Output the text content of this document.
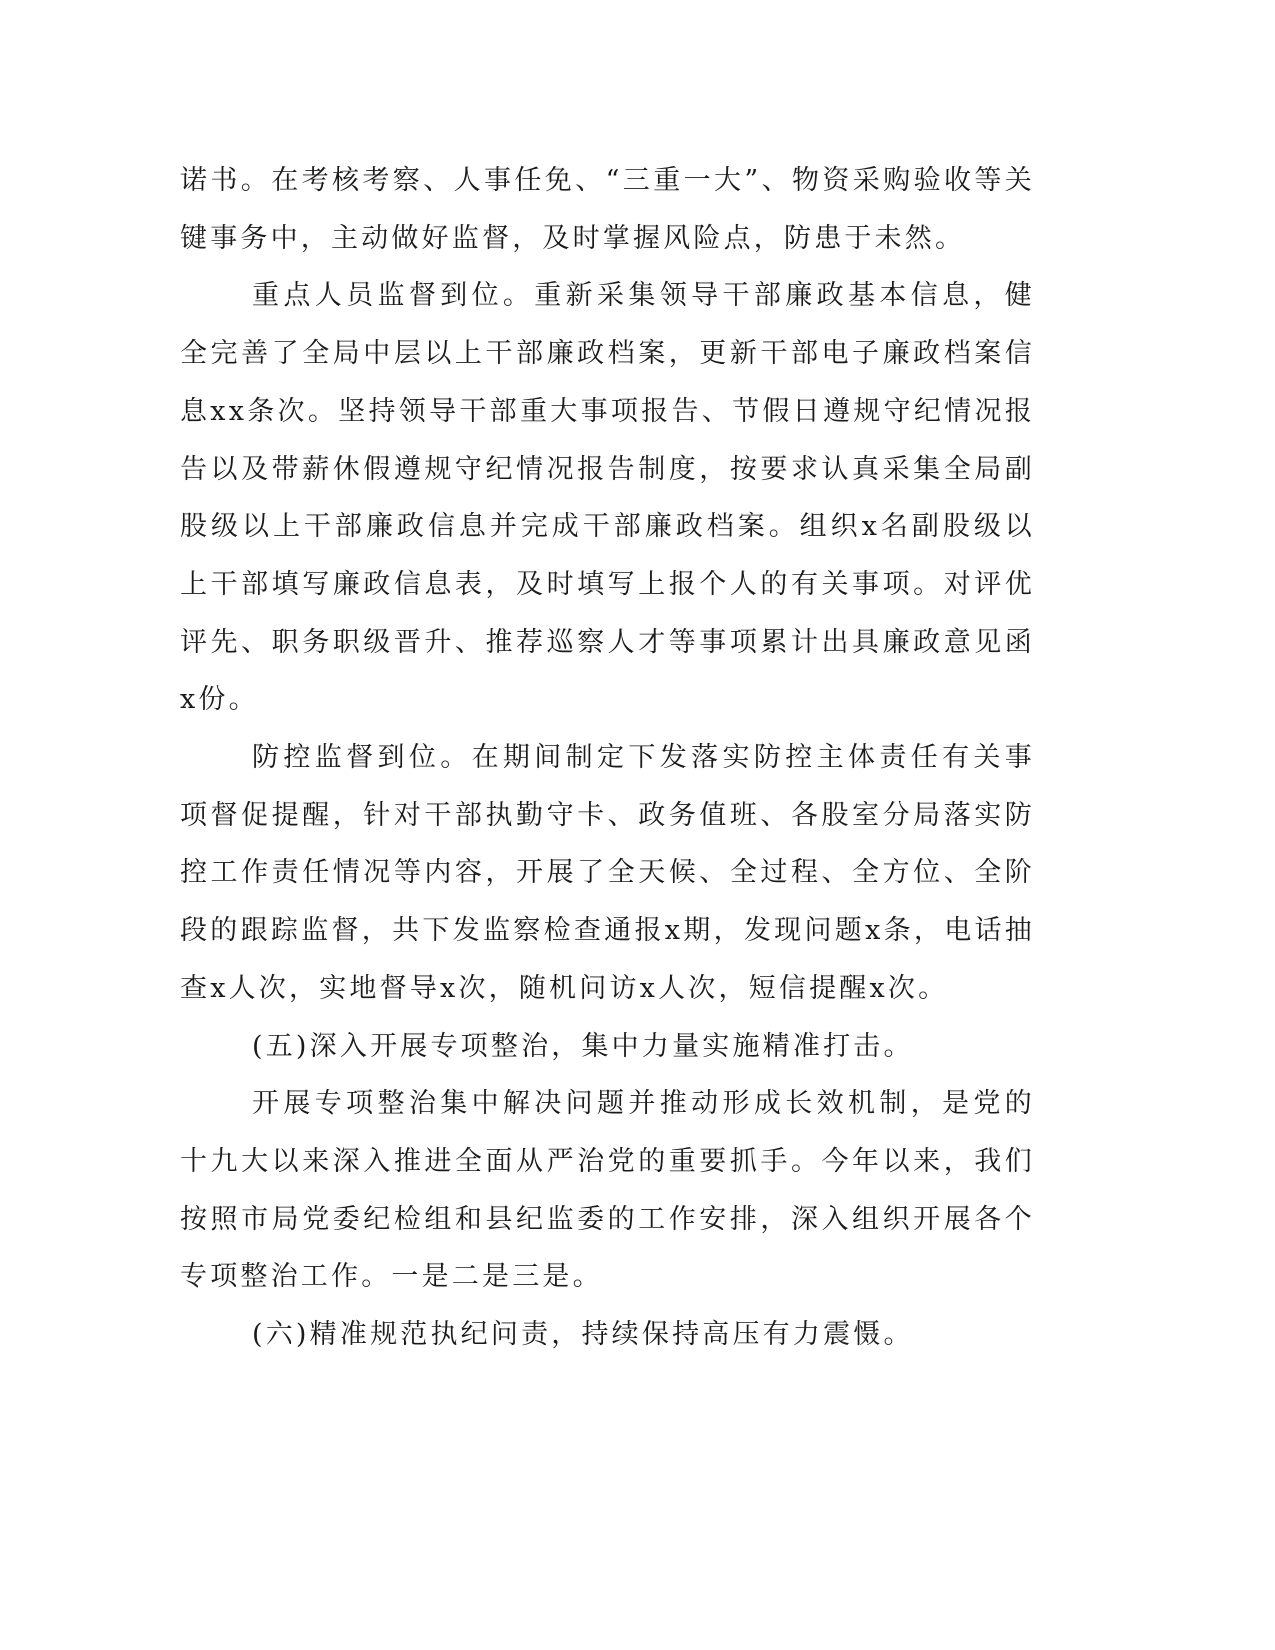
诺书。在考核考察、人事任免、“三重一大”、物资采购验收等关键事务中，主动做好监督，及时掌握风险点，防患于未然。

重点人员监督到位。重新采集领导干部廉政基本信息，健全完善了全局中层以上干部廉政档案，更新干部电子廉政档案信息xx条次。坚持领导干部重大事项报告、节假日遵规守纪情况报告以及带薪休假遵规守纪情况报告制度，按要求认真采集全局副股级以上干部廉政信息并完成干部廉政档案。组织x名副股级以上干部填写廉政信息表，及时填写上报个人的有关事项。对评优评先、职务职级晋升、推荐巡察人才等事项累计出具廉政意见函x份。

防控监督到位。在期间制定下发落实防控主体责任有关事项督促提醒，针对干部执勤守卡、政务值班、各股室分局落实防控工作责任情况等内容，开展了全天候、全过程、全方位、全阶段的跟踪监督，共下发监察检查通报x期，发现问题x条，电话抽查x人次，实地督导x次，随机问访x人次，短信提醒x次。

(五)深入开展专项整治，集中力量实施精准打击。

开展专项整治集中解决问题并推动形成长效机制，是党的十九大以来深入推进全面从严治党的重要抓手。今年以来，我们按照市局党委纪检组和县纪监委的工作安排，深入组织开展各个专项整治工作。一是二是三是。

(六)精准规范执纪问责，持续保持高压有力震慑。
